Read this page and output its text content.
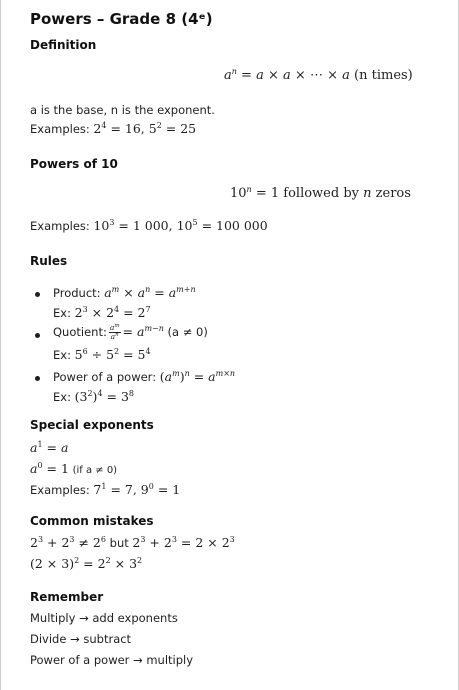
Powers – Grade 8 (4ᵉ)
Definition
$a^n = a \times a$ × ⋯ × a (n times)
a is the base, n is the exponent.
Examples: $2^4 = 16$, $5^2 = 25$
Powers of 10
$10^n = 1$ followed by n zeros
Examples: $10^3 = 1$ 000, $10^5 = 100$ 000
Rules
Product: $a^m \times a^n = a^{m+n}$
Ex: $2^3 \times 2^4 = 2^7$
Quotient: $\frac{a^m}{a^n} = a^{m-n}$ (a ≠ 0)
Ex: $5^6 \div 5^2 = 5^4$
Power of a power: $(a^m)^n = a^{m\times n}$
Ex: $(3^2)^4 = 3^8$
Special exponents
$a^1 = a$
$a^0 = 1$ (if a ≠ 0)
Examples: $7^1 = 7$, $9^0 = 1$
Common mistakes
$2^3 + 2^3 \ne 2^6$ but $2^3 + 2^3 = 2 \times 2^3$
$(2 \times 3)^2 = 2^2 \times 3^2$
Remember
Multiply → add exponents
Divide → subtract
Power of a power → multiply
